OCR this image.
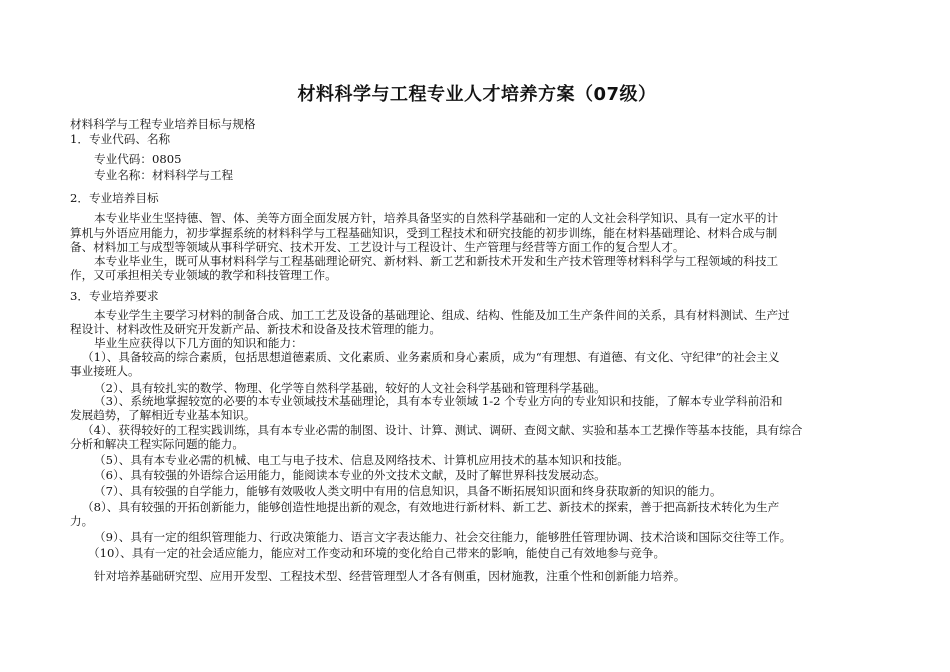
材料科学与工程专业人才培养方案（07级）
材料科学与工程专业培养目标与规格
1．专业代码、名称
专业代码：0805
专业名称：材料科学与工程
2．专业培养目标
本专业毕业生坚持德、智、体、美等方面全面发展方针，培养具备坚实的自然科学基础和一定的人文社会科学知识、具有一定水平的计
算机与外语应用能力，初步掌握系统的材料科学与工程基础知识，受到工程技术和研究技能的初步训练，能在材料基础理论、材料合成与制
备、材料加工与成型等领域从事科学研究、技术开发、工艺设计与工程设计、生产管理与经营等方面工作的复合型人才。
本专业毕业生，既可从事材料科学与工程基础理论研究、新材料、新工艺和新技术开发和生产技术管理等材料科学与工程领域的科技工
作，又可承担相关专业领域的教学和科技管理工作。
3．专业培养要求
本专业学生主要学习材料的制备合成、加工工艺及设备的基础理论、组成、结构、性能及加工生产条件间的关系，具有材料测试、生产过
程设计、材料改性及研究开发新产品、新技术和设备及技术管理的能力。
毕业生应获得以下几方面的知识和能力：
（1）、具备较高的综合素质，包括思想道德素质、文化素质、业务素质和身心素质，成为“有理想、有道德、有文化、守纪律”的社会主义
事业接班人。
（2）、具有较扎实的数学、物理、化学等自然科学基础，较好的人文社会科学基础和管理科学基础。
（3）、系统地掌握较宽的必要的本专业领域技术基础理论，具有本专业领域 1-2 个专业方向的专业知识和技能，了解本专业学科前沿和
发展趋势，了解相近专业基本知识。
（4）、获得较好的工程实践训练，具有本专业必需的制图、设计、计算、测试、调研、查阅文献、实验和基本工艺操作等基本技能，具有综合
分析和解决工程实际问题的能力。
（5）、具有本专业必需的机械、电工与电子技术、信息及网络技术、计算机应用技术的基本知识和技能。
（6）、具有较强的外语综合运用能力，能阅读本专业的外文技术文献，及时了解世界科技发展动态。
（7）、具有较强的自学能力，能够有效吸收人类文明中有用的信息知识，具备不断拓展知识面和终身获取新的知识的能力。
（8）、具有较强的开拓创新能力，能够创造性地提出新的观念，有效地进行新材料、新工艺、新技术的探索，善于把高新技术转化为生产
力。
（9）、具有一定的组织管理能力、行政决策能力、语言文字表达能力、社会交往能力，能够胜任管理协调、技术洽谈和国际交往等工作。
（10）、具有一定的社会适应能力，能应对工作变动和环境的变化给自己带来的影响，能使自己有效地参与竞争。
针对培养基础研究型、应用开发型、工程技术型、经营管理型人才各有侧重，因材施教，注重个性和创新能力培养。
